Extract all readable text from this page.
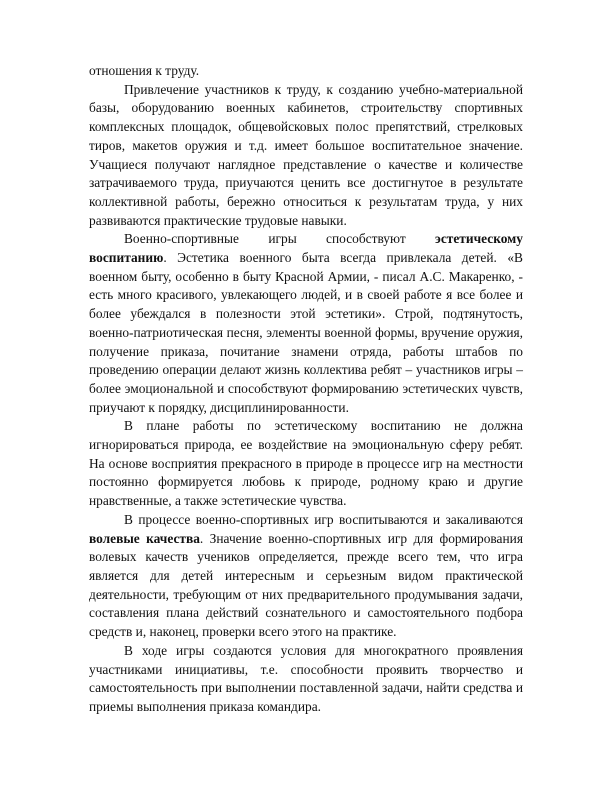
отношения к труду.

Привлечение участников к труду, к созданию учебно-материальной базы, оборудованию военных кабинетов, строительству спортивных комплексных площадок, общевойсковых полос препятствий, стрелковых тиров, макетов оружия и т.д. имеет большое воспитательное значение. Учащиеся получают наглядное представление о качестве и количестве затрачиваемого труда, приучаются ценить все достигнутое в результате коллективной работы, бережно относиться к результатам труда, у них развиваются практические трудовые навыки.

Военно-спортивные игры способствуют эстетическому воспитанию. Эстетика военного быта всегда привлекала детей. «В военном быту, особенно в быту Красной Армии, - писал А.С. Макаренко, - есть много красивого, увлекающего людей, и в своей работе я все более и более убеждался в полезности этой эстетики». Строй, подтянутость, военно-патриотическая песня, элементы военной формы, вручение оружия, получение приказа, почитание знамени отряда, работы штабов по проведению операции делают жизнь коллектива ребят – участников игры – более эмоциональной и способствуют формированию эстетических чувств, приучают к порядку, дисциплинированности.

В плане работы по эстетическому воспитанию не должна игнорироваться природа, ее воздействие на эмоциональную сферу ребят. На основе восприятия прекрасного в природе в процессе игр на местности постоянно формируется любовь к природе, родному краю и другие нравственные, а также эстетические чувства.

В процессе военно-спортивных игр воспитываются и закаливаются волевые качества. Значение военно-спортивных игр для формирования волевых качеств учеников определяется, прежде всего тем, что игра является для детей интересным и серьезным видом практической деятельности, требующим от них предварительного продумывания задачи, составления плана действий сознательного и самостоятельного подбора средств и, наконец, проверки всего этого на практике.

В ходе игры создаются условия для многократного проявления участниками инициативы, т.е. способности проявить творчество и самостоятельность при выполнении поставленной задачи, найти средства и приемы выполнения приказа командира.
